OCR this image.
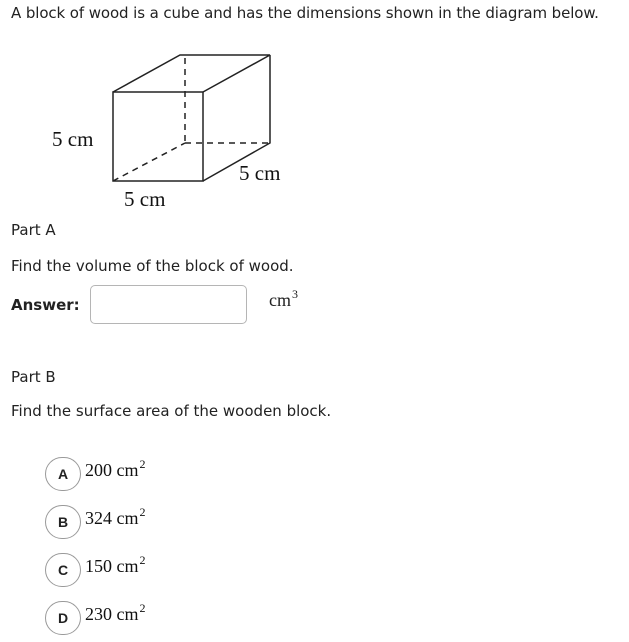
A block of wood is a cube and has the dimensions shown in the diagram below.
5 cm
5 cm
5 cm
Part A
Find the volume of the block of wood.
Answer:	$cm^3$
Part B
Find the surface area of the wooden block.
A 200 $cm^2$
B 324 $cm^2$
C 150 $cm^2$
D 230 $cm^2$
